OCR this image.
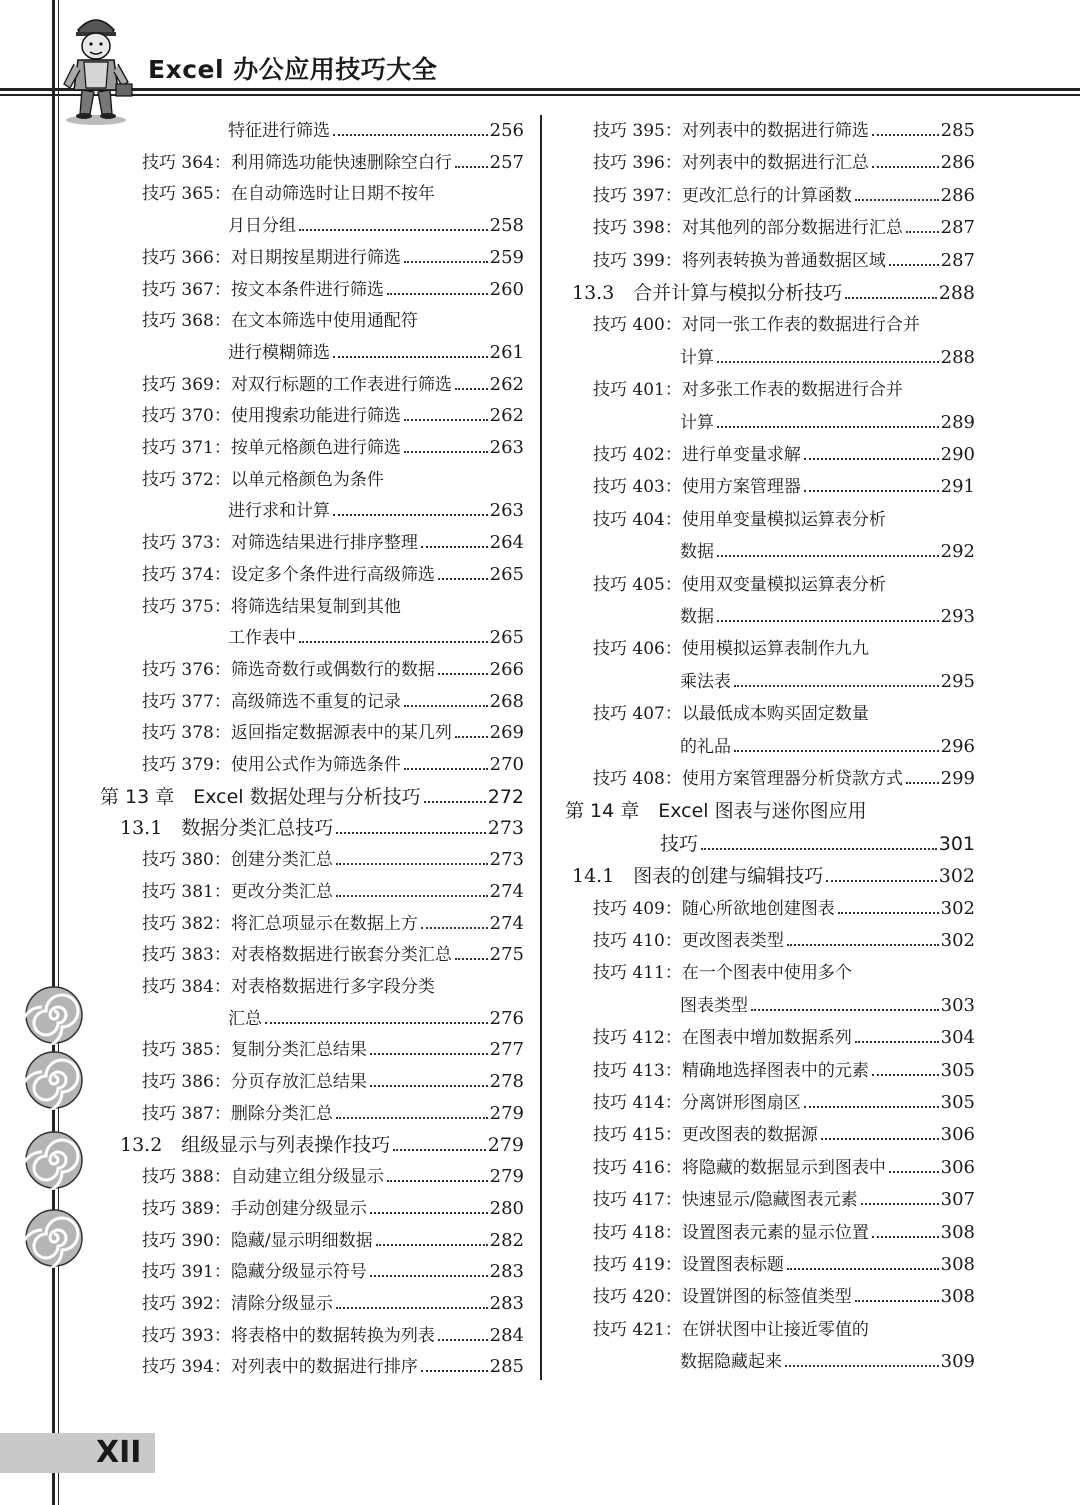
Excel 办公应用技巧大全
XII
特征进行筛选	256
技巧 364：利用筛选功能快速删除空白行 257
技巧 365：在自动筛选时让日期不按年
月日分组	258
技巧 366：对日期按星期进行筛选	259
技巧 367：按文本条件进行筛选	260
技巧 368：在文本筛选中使用通配符
进行模糊筛选	261
技巧 369：对双行标题的工作表进行筛选 262
技巧 370：使用搜索功能进行筛选	262
技巧 371：按单元格颜色进行筛选	263
技巧 372：以单元格颜色为条件
进行求和计算	263
技巧 373：对筛选结果进行排序整理	264
技巧 374：设定多个条件进行高级筛选	265
技巧 375：将筛选结果复制到其他
工作表中	265
技巧 376：筛选奇数行或偶数行的数据	266
技巧 377：高级筛选不重复的记录	268
技巧 378：返回指定数据源表中的某几列 269
技巧 379：使用公式作为筛选条件	270
第 13 章　Excel 数据处理与分析技巧	272
13.1　数据分类汇总技巧	273
技巧 380：创建分类汇总	273
技巧 381：更改分类汇总	274
技巧 382：将汇总项显示在数据上方	274
技巧 383：对表格数据进行嵌套分类汇总 275
技巧 384：对表格数据进行多字段分类
汇总	276
技巧 385：复制分类汇总结果	277
技巧 386：分页存放汇总结果	278
技巧 387：删除分类汇总	279
13.2　组级显示与列表操作技巧	279
技巧 388：自动建立组分级显示	279
技巧 389：手动创建分级显示	280
技巧 390：隐藏/显示明细数据	282
技巧 391：隐藏分级显示符号	283
技巧 392：清除分级显示	283
技巧 393：将表格中的数据转换为列表	284
技巧 394：对列表中的数据进行排序	285
技巧 395：对列表中的数据进行筛选	285
技巧 396：对列表中的数据进行汇总	286
技巧 397：更改汇总行的计算函数	286
技巧 398：对其他列的部分数据进行汇总 287
技巧 399：将列表转换为普通数据区域	287
13.3　合并计算与模拟分析技巧	288
技巧 400：对同一张工作表的数据进行合并
计算	288
技巧 401：对多张工作表的数据进行合并
计算	289
技巧 402：进行单变量求解	290
技巧 403：使用方案管理器	291
技巧 404：使用单变量模拟运算表分析
数据	292
技巧 405：使用双变量模拟运算表分析
数据	293
技巧 406：使用模拟运算表制作九九
乘法表	295
技巧 407：以最低成本购买固定数量
的礼品	296
技巧 408：使用方案管理器分析贷款方式 299
第 14 章　Excel 图表与迷你图应用
技巧	301
14.1　图表的创建与编辑技巧	302
技巧 409：随心所欲地创建图表	302
技巧 410：更改图表类型	302
技巧 411：在一个图表中使用多个
图表类型	303
技巧 412：在图表中增加数据系列	304
技巧 413：精确地选择图表中的元素	305
技巧 414：分离饼形图扇区	305
技巧 415：更改图表的数据源	306
技巧 416：将隐藏的数据显示到图表中	306
技巧 417：快速显示/隐藏图表元素	307
技巧 418：设置图表元素的显示位置	308
技巧 419：设置图表标题	308
技巧 420：设置饼图的标签值类型	308
技巧 421：在饼状图中让接近零值的
数据隐藏起来	309
